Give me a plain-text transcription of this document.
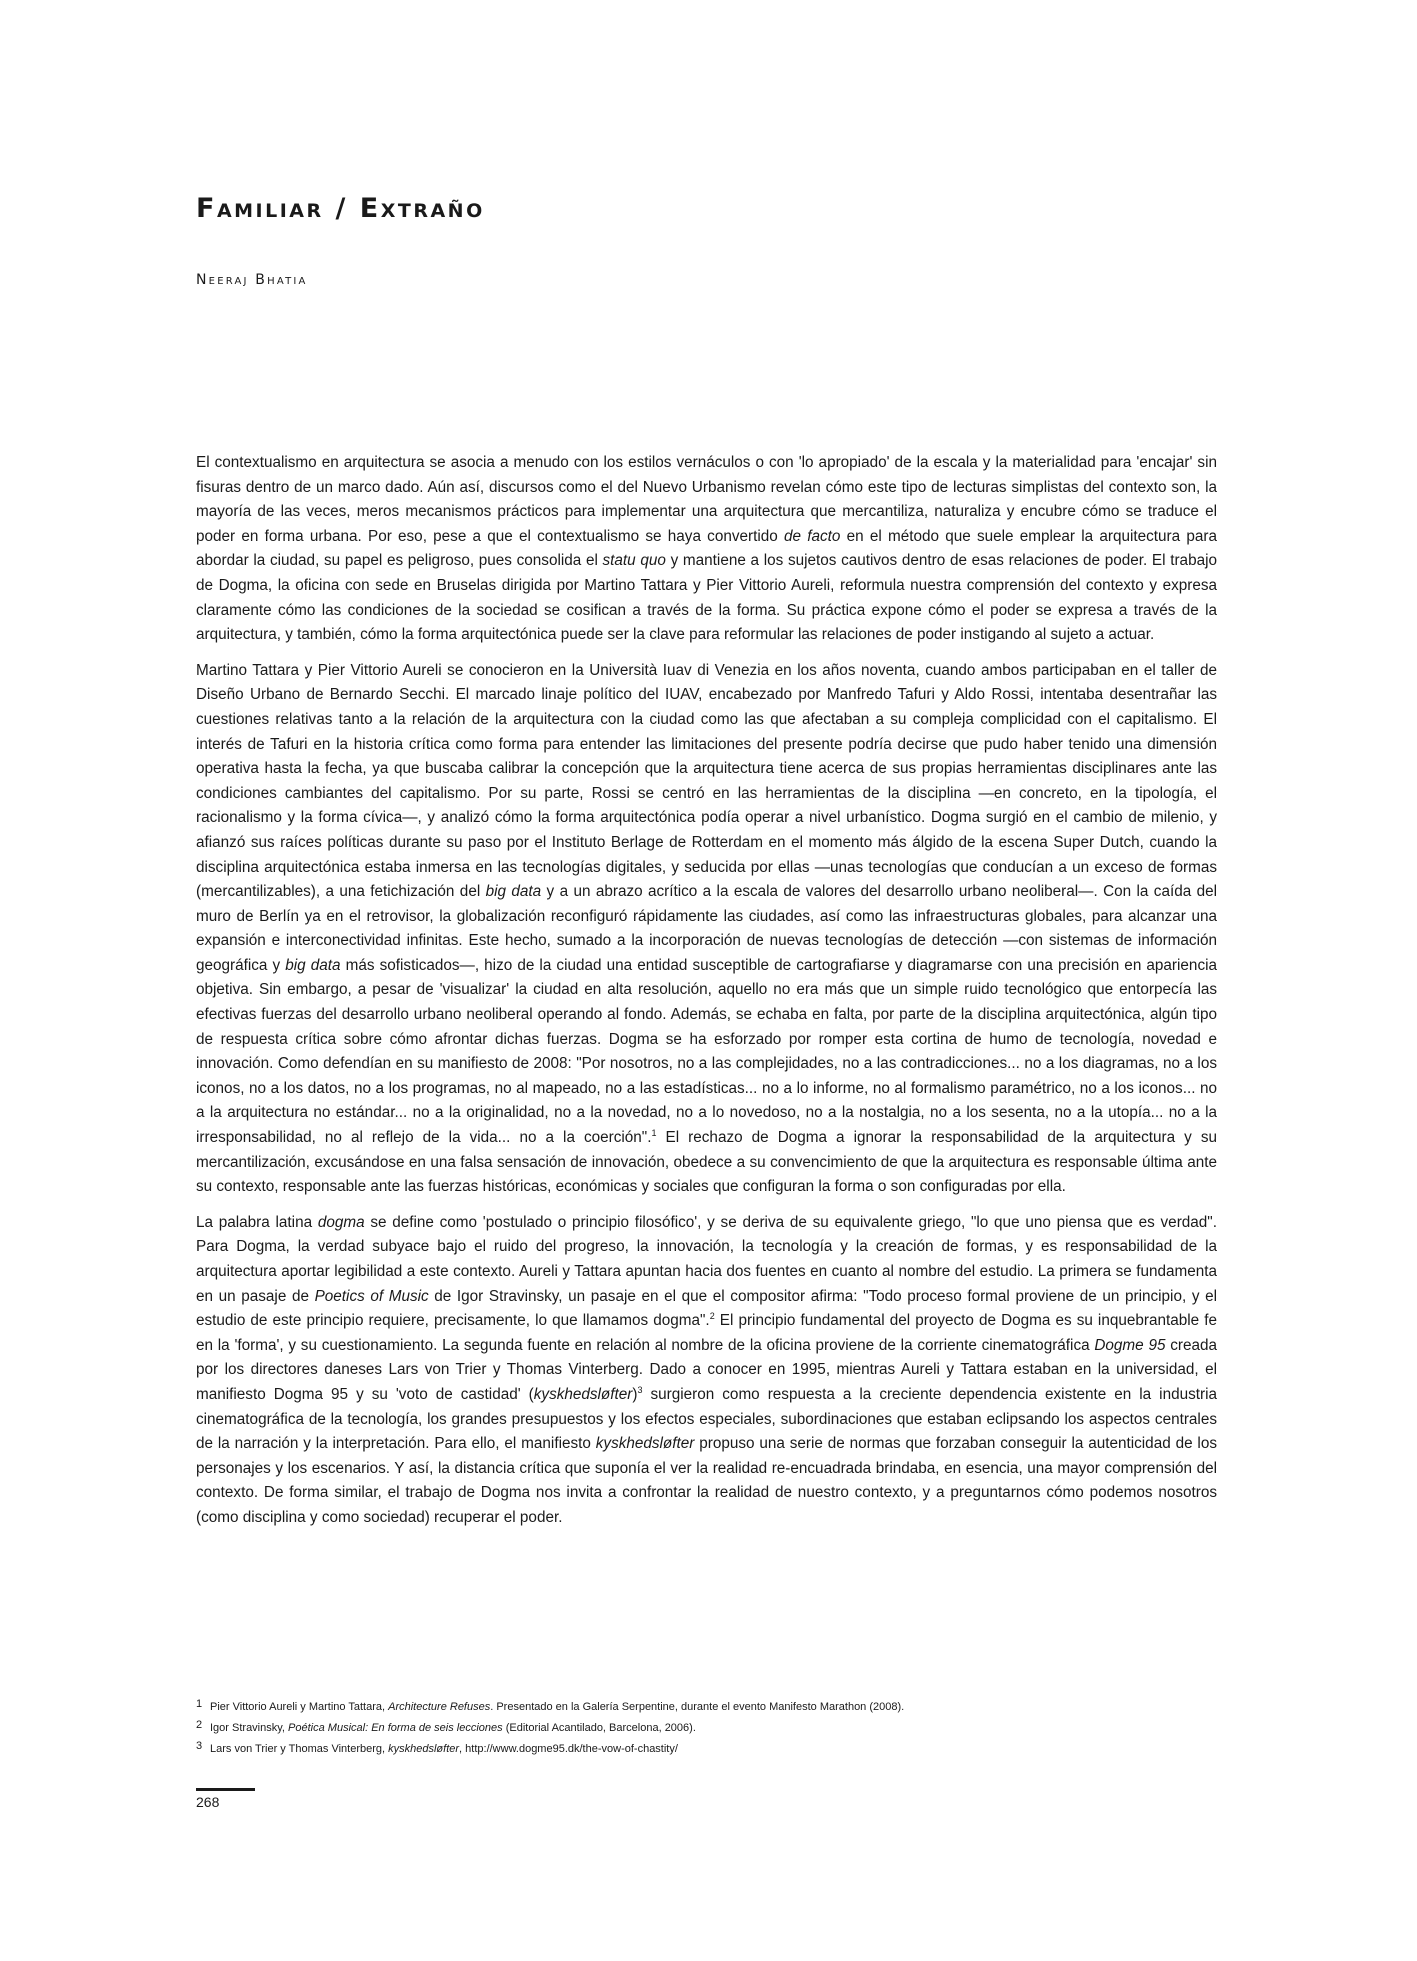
Familiar / Extraño
Neeraj Bhatia

El contextualismo en arquitectura se asocia a menudo con los estilos vernáculos o con 'lo apropiado' de la escala y la materialidad para 'encajar' sin fisuras dentro de un marco dado. Aún así, discursos como el del Nuevo Urbanismo revelan cómo este tipo de lecturas simplistas del contexto son, la mayoría de las veces, meros mecanismos prácticos para implementar una arquitectura que mercantiliza, naturaliza y encubre cómo se traduce el poder en forma urbana. Por eso, pese a que el contextualismo se haya convertido de facto en el método que suele emplear la arquitectura para abordar la ciudad, su papel es peligroso, pues consolida el statu quo y mantiene a los sujetos cautivos dentro de esas relaciones de poder. El trabajo de Dogma, la oficina con sede en Bruselas dirigida por Martino Tattara y Pier Vittorio Aureli, reformula nuestra comprensión del contexto y expresa claramente cómo las condiciones de la sociedad se cosifican a través de la forma. Su práctica expone cómo el poder se expresa a través de la arquitectura, y también, cómo la forma arquitectónica puede ser la clave para reformular las relaciones de poder instigando al sujeto a actuar.

Martino Tattara y Pier Vittorio Aureli se conocieron en la Università Iuav di Venezia en los años noventa, cuando ambos participaban en el taller de Diseño Urbano de Bernardo Secchi. El marcado linaje político del IUAV, encabezado por Manfredo Tafuri y Aldo Rossi, intentaba desentrañar las cuestiones relativas tanto a la relación de la arquitectura con la ciudad como las que afectaban a su compleja complicidad con el capitalismo. El interés de Tafuri en la historia crítica como forma para entender las limitaciones del presente podría decirse que pudo haber tenido una dimensión operativa hasta la fecha, ya que buscaba calibrar la concepción que la arquitectura tiene acerca de sus propias herramientas disciplinares ante las condiciones cambiantes del capitalismo. Por su parte, Rossi se centró en las herramientas de la disciplina —en concreto, en la tipología, el racionalismo y la forma cívica—, y analizó cómo la forma arquitectónica podía operar a nivel urbanístico. Dogma surgió en el cambio de milenio, y afianzó sus raíces políticas durante su paso por el Instituto Berlage de Rotterdam en el momento más álgido de la escena Super Dutch, cuando la disciplina arquitectónica estaba inmersa en las tecnologías digitales, y seducida por ellas —unas tecnologías que conducían a un exceso de formas (mercantilizables), a una fetichización del big data y a un abrazo acrítico a la escala de valores del desarrollo urbano neoliberal—. Con la caída del muro de Berlín ya en el retrovisor, la globalización reconfiguró rápidamente las ciudades, así como las infraestructuras globales, para alcanzar una expansión e interconectividad infinitas. Este hecho, sumado a la incorporación de nuevas tecnologías de detección —con sistemas de información geográfica y big data más sofisticados—, hizo de la ciudad una entidad susceptible de cartografiarse y diagramarse con una precisión en apariencia objetiva. Sin embargo, a pesar de 'visualizar' la ciudad en alta resolución, aquello no era más que un simple ruido tecnológico que entorpecía las efectivas fuerzas del desarrollo urbano neoliberal operando al fondo. Además, se echaba en falta, por parte de la disciplina arquitectónica, algún tipo de respuesta crítica sobre cómo afrontar dichas fuerzas. Dogma se ha esforzado por romper esta cortina de humo de tecnología, novedad e innovación. Como defendían en su manifiesto de 2008: "Por nosotros, no a las complejidades, no a las contradicciones... no a los diagramas, no a los iconos, no a los datos, no a los programas, no al mapeado, no a las estadísticas... no a lo informe, no al formalismo paramétrico, no a los iconos... no a la arquitectura no estándar... no a la originalidad, no a la novedad, no a lo novedoso, no a la nostalgia, no a los sesenta, no a la utopía... no a la irresponsabilidad, no al reflejo de la vida... no a la coerción".$^1$ El rechazo de Dogma a ignorar la responsabilidad de la arquitectura y su mercantilización, excusándose en una falsa sensación de innovación, obedece a su convencimiento de que la arquitectura es responsable última ante su contexto, responsable ante las fuerzas históricas, económicas y sociales que configuran la forma o son configuradas por ella.

La palabra latina dogma se define como 'postulado o principio filosófico', y se deriva de su equivalente griego, "lo que uno piensa que es verdad". Para Dogma, la verdad subyace bajo el ruido del progreso, la innovación, la tecnología y la creación de formas, y es responsabilidad de la arquitectura aportar legibilidad a este contexto. Aureli y Tattara apuntan hacia dos fuentes en cuanto al nombre del estudio. La primera se fundamenta en un pasaje de Poetics of Music de Igor Stravinsky, un pasaje en el que el compositor afirma: "Todo proceso formal proviene de un principio, y el estudio de este principio requiere, precisamente, lo que llamamos dogma".$^2$ El principio fundamental del proyecto de Dogma es su inquebrantable fe en la 'forma', y su cuestionamiento. La segunda fuente en relación al nombre de la oficina proviene de la corriente cinematográfica Dogme 95 creada por los directores daneses Lars von Trier y Thomas Vinterberg. Dado a conocer en 1995, mientras Aureli y Tattara estaban en la universidad, el manifiesto Dogma 95 y su 'voto de castidad' (kyskhedsløfter)$^3$ surgieron como respuesta a la creciente dependencia existente en la industria cinematográfica de la tecnología, los grandes presupuestos y los efectos especiales, subordinaciones que estaban eclipsando los aspectos centrales de la narración y la interpretación. Para ello, el manifiesto kyskhedsløfter propuso una serie de normas que forzaban conseguir la autenticidad de los personajes y los escenarios. Y así, la distancia crítica que suponía el ver la realidad re-encuadrada brindaba, en esencia, una mayor comprensión del contexto. De forma similar, el trabajo de Dogma nos invita a confrontar la realidad de nuestro contexto, y a preguntarnos cómo podemos nosotros (como disciplina y como sociedad) recuperar el poder.

1 Pier Vittorio Aureli y Martino Tattara, Architecture Refuses. Presentado en la Galería Serpentine, durante el evento Manifesto Marathon (2008).
2 Igor Stravinsky, Poética Musical: En forma de seis lecciones (Editorial Acantilado, Barcelona, 2006).
3 Lars von Trier y Thomas Vinterberg, kyskhedsløfter, http://www.dogme95.dk/the-vow-of-chastity/
268
